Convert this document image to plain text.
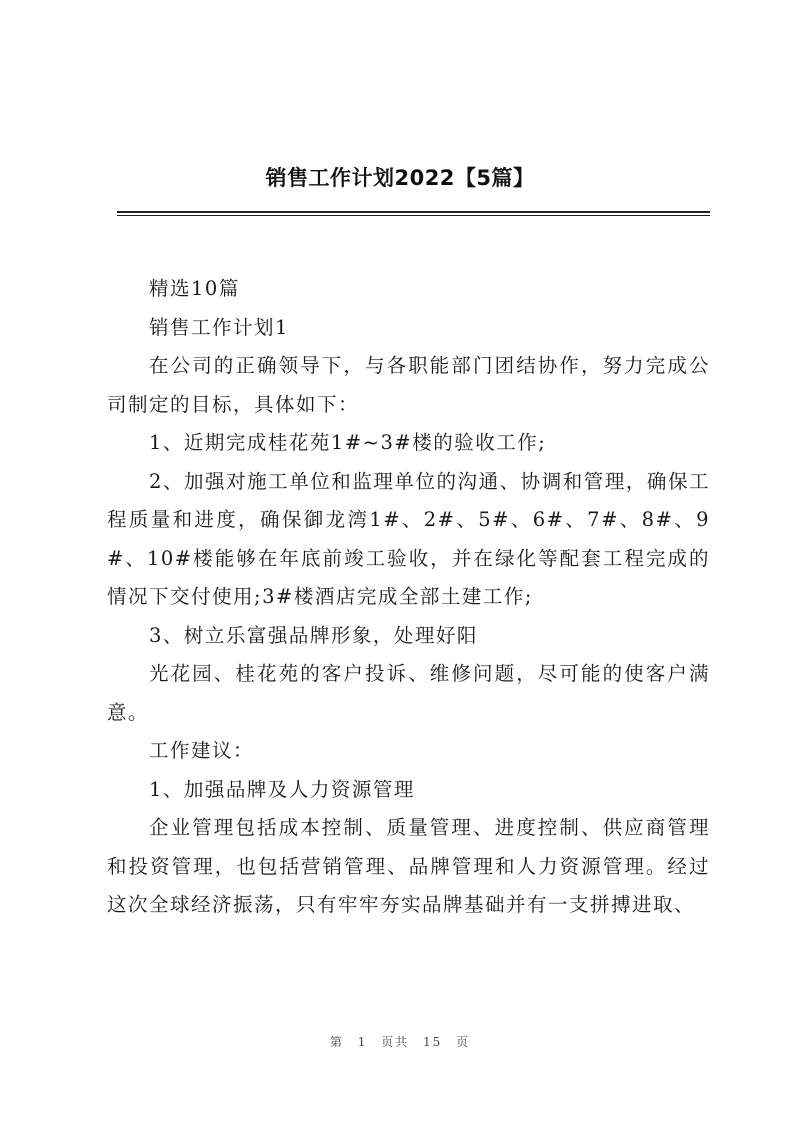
销售工作计划2022【5篇】

精选10篇

销售工作计划1

在公司的正确领导下，与各职能部门团结协作，努力完成公司制定的目标，具体如下：

1、近期完成桂花苑1#~3#楼的验收工作;

2、加强对施工单位和监理单位的沟通、协调和管理，确保工程质量和进度，确保御龙湾1#、2#、5#、6#、7#、8#、9#、10#楼能够在年底前竣工验收，并在绿化等配套工程完成的情况下交付使用;3#楼酒店完成全部土建工作;

3、树立乐富强品牌形象，处理好阳

光花园、桂花苑的客户投诉、维修问题，尽可能的使客户满意。

工作建议：

1、加强品牌及人力资源管理

企业管理包括成本控制、质量管理、进度控制、供应商管理和投资管理，也包括营销管理、品牌管理和人力资源管理。经过这次全球经济振荡，只有牢牢夯实品牌基础并有一支拼搏进取、

第 1 页共 15 页
